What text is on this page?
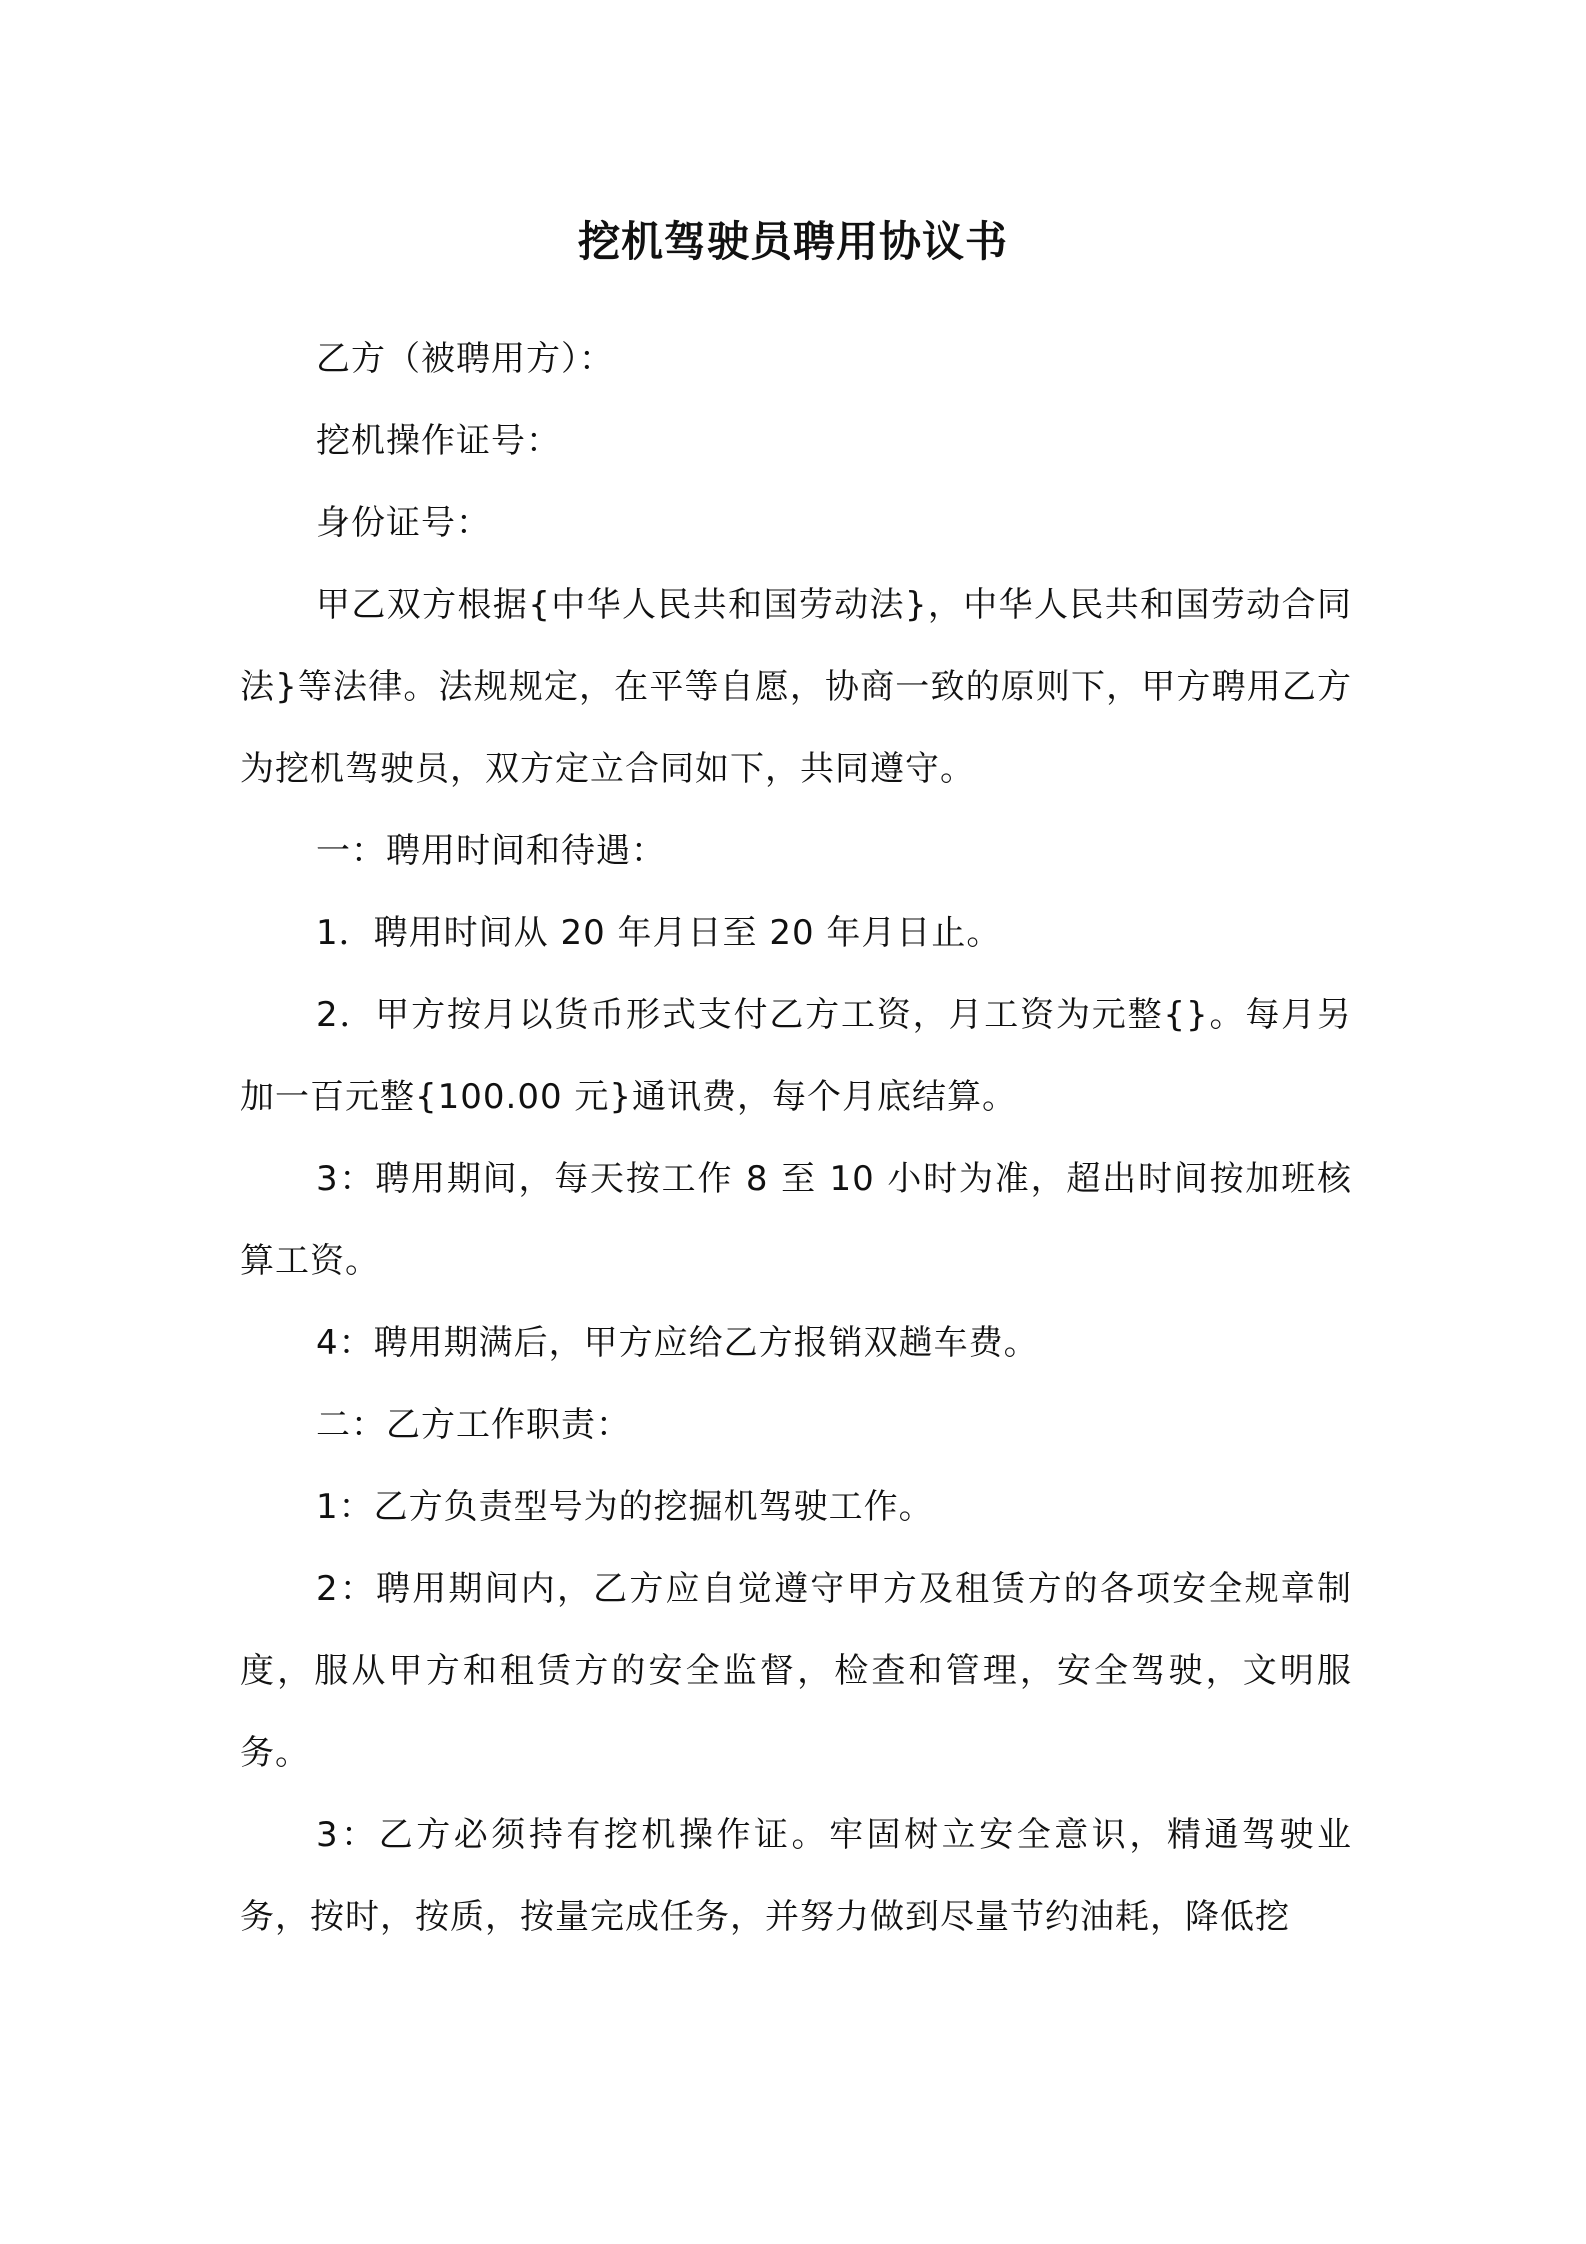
挖机驾驶员聘用协议书

乙方（被聘用方）：

挖机操作证号：

身份证号：

甲乙双方根据{中华人民共和国劳动法}，中华人民共和国劳动合同法}等法律。法规规定，在平等自愿，协商一致的原则下，甲方聘用乙方为挖机驾驶员，双方定立合同如下，共同遵守。

一：聘用时间和待遇：

1．聘用时间从 20 年月日至 20 年月日止。

2．甲方按月以货币形式支付乙方工资，月工资为元整{}。每月另加一百元整{100.00 元}通讯费，每个月底结算。

3：聘用期间，每天按工作 8 至 10 小时为准，超出时间按加班核算工资。

4：聘用期满后，甲方应给乙方报销双趟车费。

二：乙方工作职责：

1：乙方负责型号为的挖掘机驾驶工作。

2：聘用期间内，乙方应自觉遵守甲方及租赁方的各项安全规章制度，服从甲方和租赁方的安全监督，检查和管理，安全驾驶，文明服务。

3：乙方必须持有挖机操作证。牢固树立安全意识，精通驾驶业务，按时，按质，按量完成任务，并努力做到尽量节约油耗，降低挖
